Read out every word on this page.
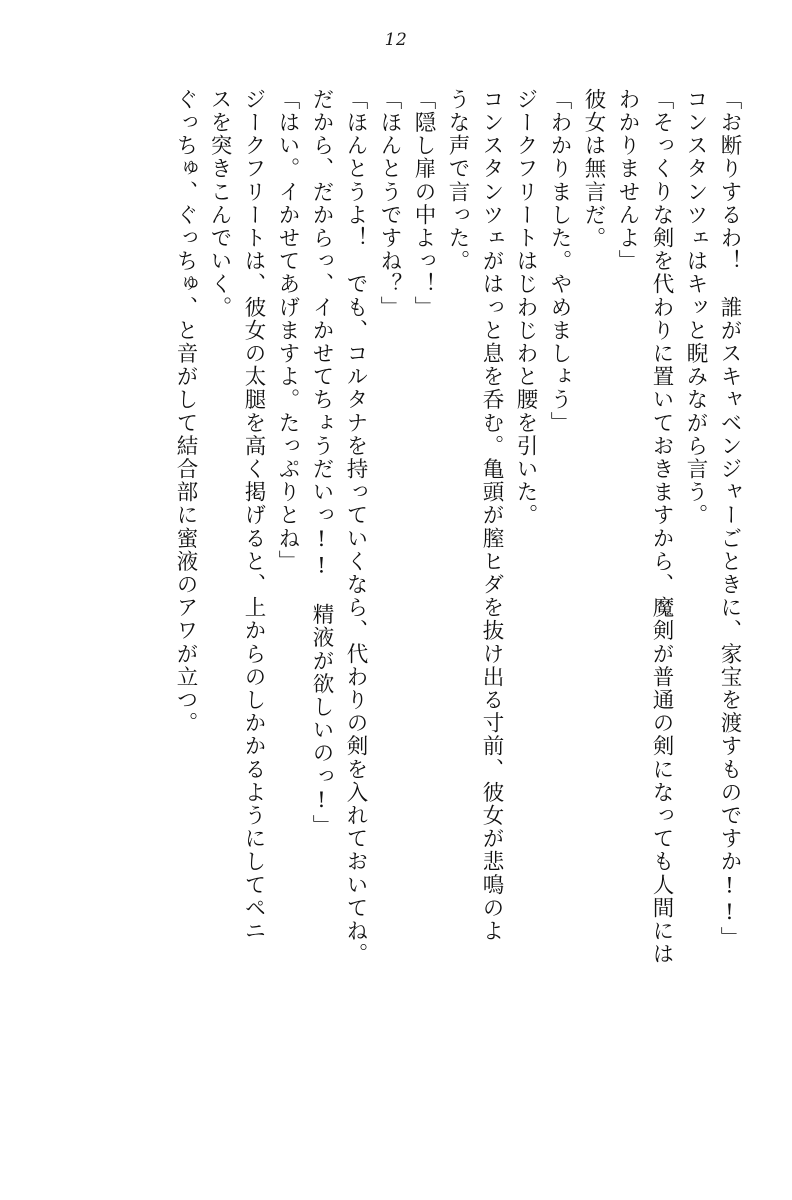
12
「お断りするわ！　誰がスキャベンジャーごときに、家宝を渡すものですか!!」
コンスタンツェはキッと睨みながら言う。
「そっくりな剣を代わりに置いておきますから、魔剣が普通の剣になっても人間には
わかりませんよ」
彼女は無言だ。
「わかりました。やめましょう」
ジークフリートはじわじわと腰を引いた。
コンスタンツェがはっと息を呑む。亀頭が膣ヒダを抜け出る寸前、彼女が悲鳴のよ
うな声で言った。
「隠し扉の中よっ！」
「ほんとうですね？」
「ほんとうよ！　でも、コルタナを持っていくなら、代わりの剣を入れておいてね。
だから、だからっ、イかせてちょうだいっ!!　精液が欲しいのっ!」
「はい。イかせてあげますよ。たっぷりとね」
ジークフリートは、彼女の太腿を高く掲げると、上からのしかかるようにしてペニ
スを突きこんでいく。
ぐっちゅ、ぐっちゅ、と音がして結合部に蜜液のアワが立つ。
